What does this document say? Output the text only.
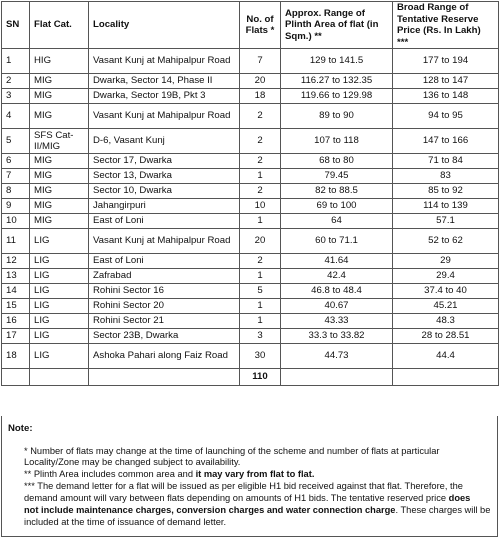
SN	Flat Cat.	Locality	No. of Flats *	Approx. Range of Plinth Area of flat (in Sqm.) **	Broad Range of Tentative Reserve Price (Rs. In Lakh) ***
1	HIG	Vasant Kunj at Mahipalpur Road	7	129 to 141.5	177 to 194
2	MIG	Dwarka, Sector 14, Phase II	20	116.27 to 132.35	128 to 147
3	MIG	Dwarka, Sector 19B, Pkt 3	18	119.66 to 129.98	136 to 148
4	MIG	Vasant Kunj at Mahipalpur Road	2	89 to 90	94 to 95
5	SFS Cat-II/MIG	D-6, Vasant Kunj	2	107 to 118	147 to 166
6	MIG	Sector 17, Dwarka	2	68 to 80	71 to 84
7	MIG	Sector 13, Dwarka	1	79.45	83
8	MIG	Sector 10, Dwarka	2	82 to 88.5	85 to 92
9	MIG	Jahangirpuri	10	69 to 100	114 to 139
10	MIG	East of Loni	1	64	57.1
11	LIG	Vasant Kunj at Mahipalpur Road	20	60 to 71.1	52 to 62
12	LIG	East of Loni	2	41.64	29
13	LIG	Zafrabad	1	42.4	29.4
14	LIG	Rohini Sector 16	5	46.8 to 48.4	37.4 to 40
15	LIG	Rohini Sector 20	1	40.67	45.21
16	LIG	Rohini Sector 21	1	43.33	48.3
17	LIG	Sector 23B, Dwarka	3	33.3 to 33.82	28 to 28.51
18	LIG	Ashoka Pahari along Faiz Road	30	44.73	44.4
			110		
Note:
* Number of flats may change at the time of launching of the scheme and number of flats at particular
Locality/Zone may be changed subject to availability.
** Plinth Area includes common area and it may vary from flat to flat.
*** The demand letter for a flat will be issued as per eligible H1 bid received against that flat. Therefore, the
demand amount will vary between flats depending on amounts of H1 bids. The tentative reserved price does
not include maintenance charges, conversion charges and water connection charge. These charges will be
included at the time of issuance of demand letter.
